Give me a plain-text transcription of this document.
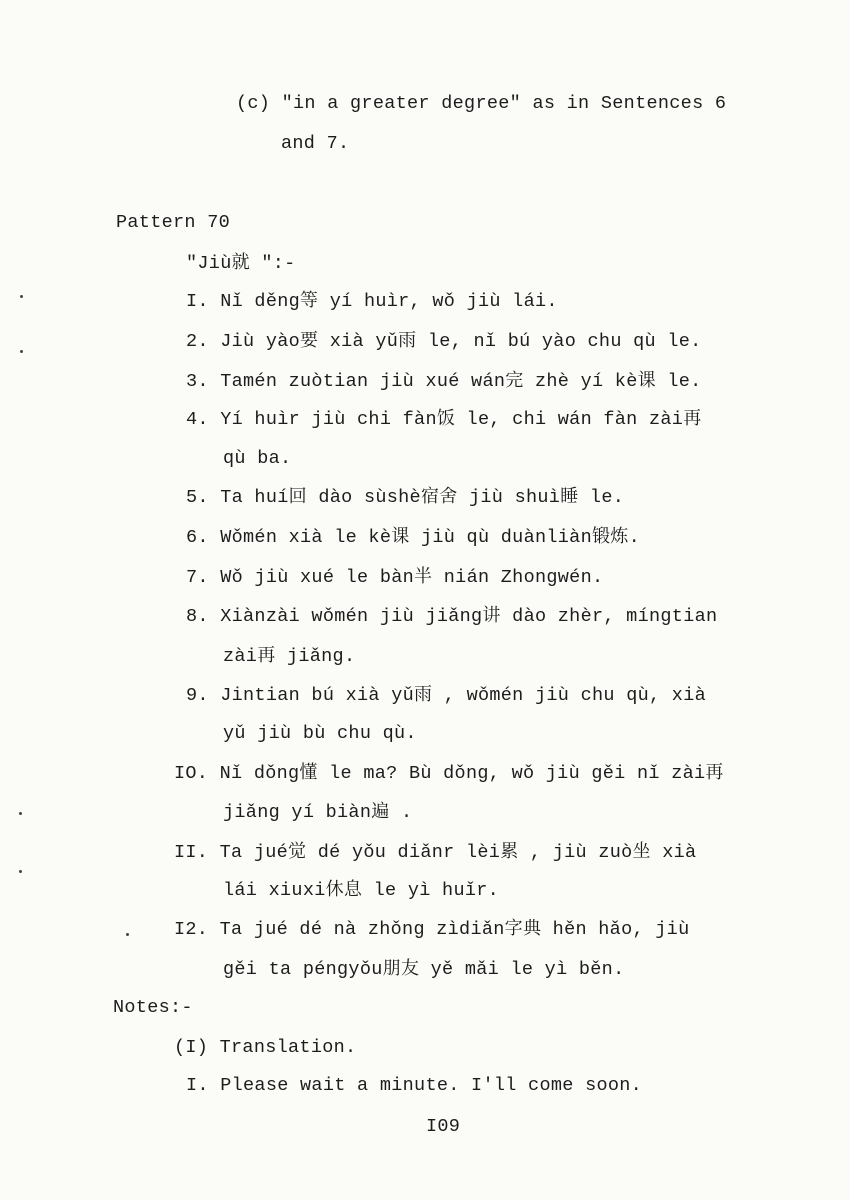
(c) "in a greater degree" as in Sentences 6
and 7.
Pattern 70
"Jiù就 ":-
I. Nǐ děng等 yí huìr, wǒ jiù lái.
2. Jiù yào要 xià yǔ雨 le, nǐ bú yào chu qù le.
3. Tamén zuòtian jiù xué wán完 zhè yí kè课 le.
4. Yí huìr jiù chi fàn饭 le, chi wán fàn zài再
qù ba.
5. Ta huí回 dào sùshè宿舍 jiù shuì睡 le.
6. Wǒmén xià le kè课 jiù qù duànliàn锻炼.
7. Wǒ jiù xué le bàn半 nián Zhongwén.
8. Xiànzài wǒmén jiù jiǎng讲 dào zhèr, míngtian
zài再 jiǎng.
9. Jintian bú xià yǔ雨 , wǒmén jiù chu qù, xià
yǔ jiù bù chu qù.
IO. Nǐ dǒng懂 le ma? Bù dǒng, wǒ jiù gěi nǐ zài再
jiǎng yí biàn遍 .
II. Ta jué觉 dé yǒu diǎnr lèi累 , jiù zuò坐 xià
lái xiuxi休息 le yì huǐr.
I2. Ta jué dé nà zhǒng zìdiǎn字典 hěn hǎo, jiù
gěi ta péngyǒu朋友 yě mǎi le yì běn.
Notes:-
(I) Translation.
I. Please wait a minute. I'll come soon.
I09
